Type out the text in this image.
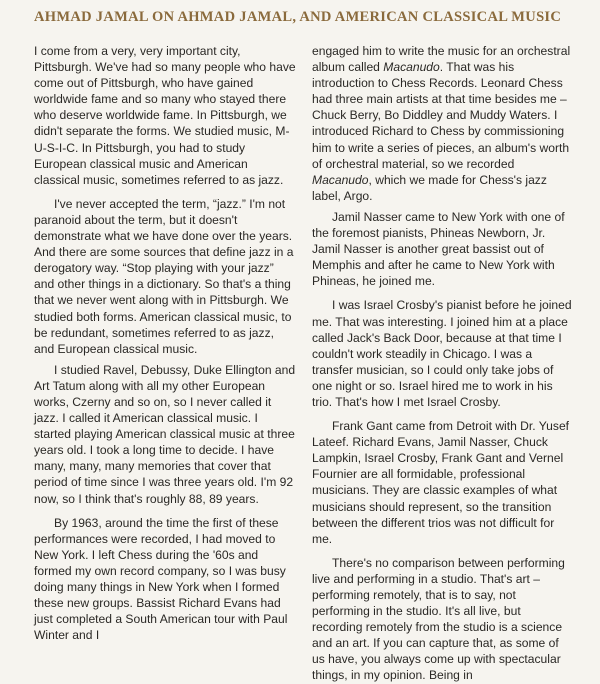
AHMAD JAMAL ON AHMAD JAMAL, AND AMERICAN CLASSICAL MUSIC

I come from a very, very important city, Pittsburgh. We've had so many people who have come out of Pittsburgh, who have gained worldwide fame and so many who stayed there who deserve worldwide fame. In Pittsburgh, we didn't separate the forms. We studied music, M-U-S-I-C. In Pittsburgh, you had to study European classical music and American classical music, sometimes referred to as jazz.

I've never accepted the term, “jazz.” I'm not paranoid about the term, but it doesn't demonstrate what we have done over the years. And there are some sources that define jazz in a derogatory way. “Stop playing with your jazz” and other things in a dictionary. So that's a thing that we never went along with in Pittsburgh. We studied both forms. American classical music, to be redundant, sometimes referred to as jazz, and European classical music.

I studied Ravel, Debussy, Duke Ellington and Art Tatum along with all my other European works, Czerny and so on, so I never called it jazz. I called it American classical music. I started playing American classical music at three years old. I took a long time to decide. I have many, many, many memories that cover that period of time since I was three years old. I'm 92 now, so I think that's roughly 88, 89 years.

By 1963, around the time the first of these performances were recorded, I had moved to New York. I left Chess during the '60s and formed my own record company, so I was busy doing many things in New York when I formed these new groups. Bassist Richard Evans had just completed a South American tour with Paul Winter and I

engaged him to write the music for an orchestral album called Macanudo. That was his introduction to Chess Records. Leonard Chess had three main artists at that time besides me – Chuck Berry, Bo Diddley and Muddy Waters. I introduced Richard to Chess by commissioning him to write a series of pieces, an album's worth of orchestral material, so we recorded Macanudo, which we made for Chess's jazz label, Argo.

Jamil Nasser came to New York with one of the foremost pianists, Phineas Newborn, Jr. Jamil Nasser is another great bassist out of Memphis and after he came to New York with Phineas, he joined me.

I was Israel Crosby's pianist before he joined me. That was interesting. I joined him at a place called Jack's Back Door, because at that time I couldn't work steadily in Chicago. I was a transfer musician, so I could only take jobs of one night or so. Israel hired me to work in his trio. That's how I met Israel Crosby.

Frank Gant came from Detroit with Dr. Yusef Lateef. Richard Evans, Jamil Nasser, Chuck Lampkin, Israel Crosby, Frank Gant and Vernel Fournier are all formidable, professional musicians. They are classic examples of what musicians should represent, so the transition between the different trios was not difficult for me.

There's no comparison between performing live and performing in a studio. That's art – performing remotely, that is to say, not performing in the studio. It's all live, but recording remotely from the studio is a science and an art. If you can capture that, as some of us have, you always come up with spectacular things, in my opinion. Being in
